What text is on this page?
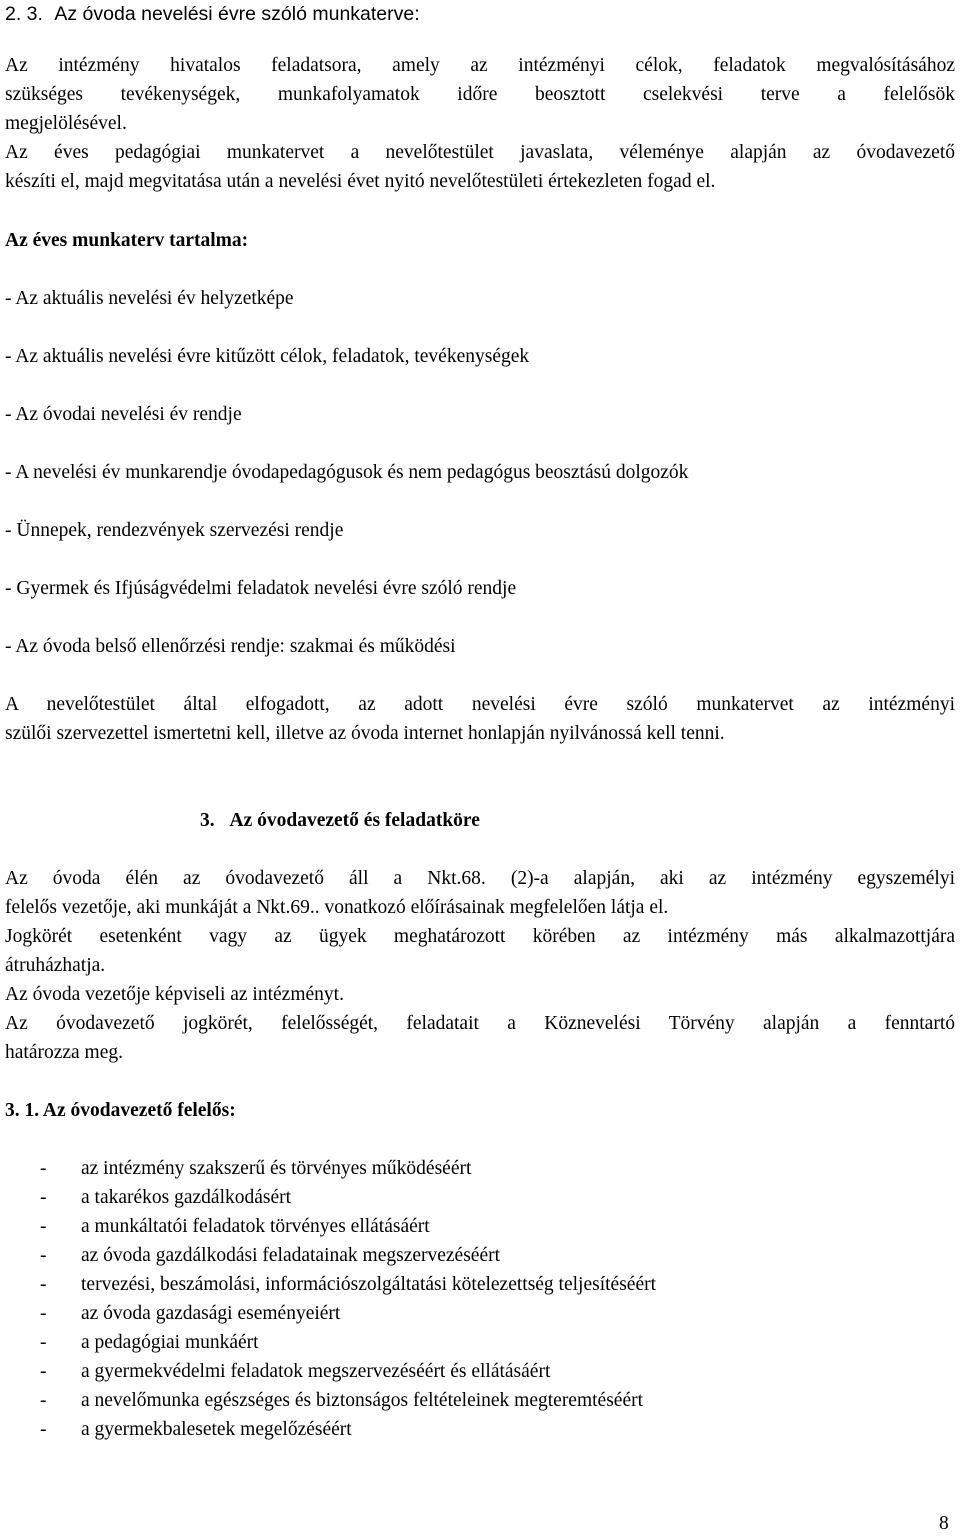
2. 3. Az óvoda nevelési évre szóló munkaterve:
Az intézmény hivatalos feladatsora, amely az intézményi célok, feladatok megvalósításához
szükséges tevékenységek, munkafolyamatok időre beosztott cselekvési terve a felelősök
megjelölésével.
Az éves pedagógiai munkatervet a nevelőtestület javaslata, véleménye alapján az óvodavezető
készíti el, majd megvitatása után a nevelési évet nyitó nevelőtestületi értekezleten fogad el.
Az éves munkaterv tartalma:
- Az aktuális nevelési év helyzetképe
- Az aktuális nevelési évre kitűzött célok, feladatok, tevékenységek
- Az óvodai nevelési év rendje
- A nevelési év munkarendje óvodapedagógusok és nem pedagógus beosztású dolgozók
- Ünnepek, rendezvények szervezési rendje
- Gyermek és Ifjúságvédelmi feladatok nevelési évre szóló rendje
- Az óvoda belső ellenőrzési rendje: szakmai és működési
A nevelőtestület által elfogadott, az adott nevelési évre szóló munkatervet az intézményi
szülői szervezettel ismertetni kell, illetve az óvoda internet honlapján nyilvánossá kell tenni.
3. Az óvodavezető és feladatköre
Az óvoda élén az óvodavezető áll a Nkt.68. (2)-a alapján, aki az intézmény egyszemélyi
felelős vezetője, aki munkáját a Nkt.69.. vonatkozó előírásainak megfelelően látja el.
Jogkörét esetenként vagy az ügyek meghatározott körében az intézmény más alkalmazottjára
átruházhatja.
Az óvoda vezetője képviseli az intézményt.
Az óvodavezető jogkörét, felelősségét, feladatait a Köznevelési Törvény alapján a fenntartó
határozza meg.
3. 1. Az óvodavezető felelős:
- az intézmény szakszerű és törvényes működéséért
- a takarékos gazdálkodásért
- a munkáltatói feladatok törvényes ellátásáért
- az óvoda gazdálkodási feladatainak megszervezéséért
- tervezési, beszámolási, információszolgáltatási kötelezettség teljesítéséért
- az óvoda gazdasági eseményeiért
- a pedagógiai munkáért
- a gyermekvédelmi feladatok megszervezéséért és ellátásáért
- a nevelőmunka egészséges és biztonságos feltételeinek megteremtéséért
- a gyermekbalesetek megelőzéséért
8
